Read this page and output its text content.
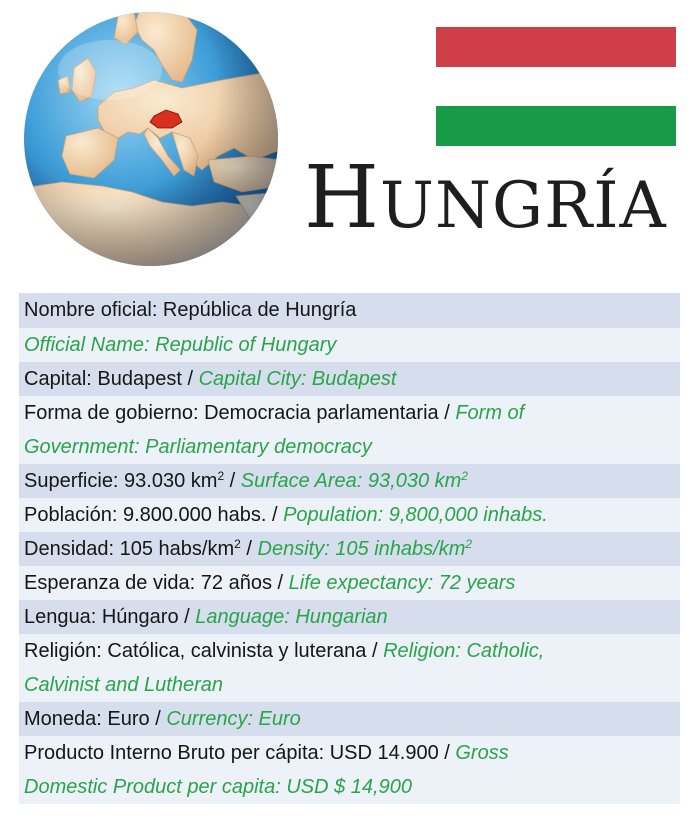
HUNGRÍA
Nombre oficial: República de Hungría
Official Name: Republic of Hungary
Capital: Budapest / Capital City: Budapest
Forma de gobierno: Democracia parlamentaria / Form of
Government: Parliamentary democracy
Superficie: 93.030 $km^2$ / Surface Area: 93,030 $km^2$
Población: 9.800.000 habs. / Population: 9,800,000 inhabs.
Densidad: 105 habs/$km^2$ / Density: 105 inhabs/$km^2$
Esperanza de vida: 72 años / Life expectancy: 72 years
Lengua: Húngaro / Language: Hungarian
Religión: Católica, calvinista y luterana / Religion: Catholic,
Calvinist and Lutheran
Moneda: Euro / Currency: Euro
Producto Interno Bruto per cápita: USD 14.900 / Gross
Domestic Product per capita: USD $ 14,900
